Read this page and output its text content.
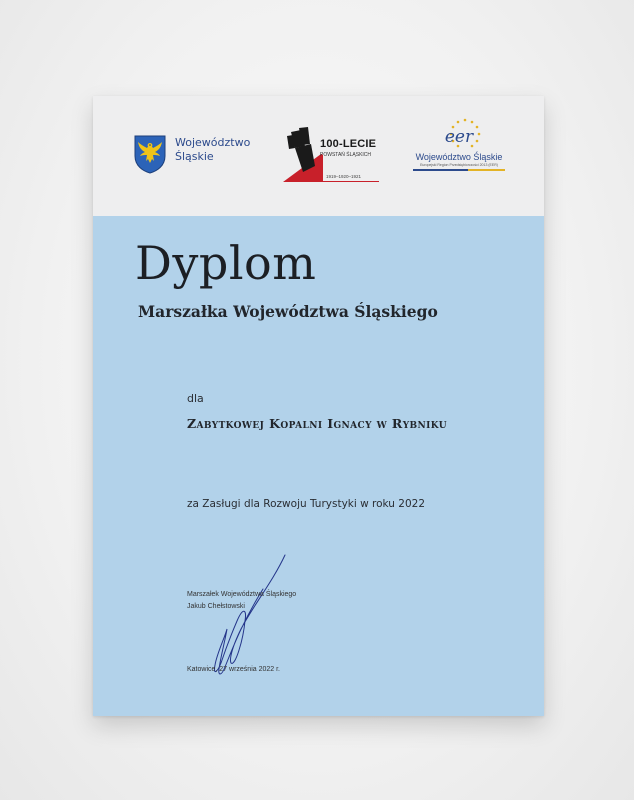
Województwo
Śląskie
100-LECIE
POWSTAŃ ŚLĄSKICH
1919–1920–1921
eer
Województwo Śląskie
Europejski Region Przedsiębiorczości 2013 (EER)
Dyplom
Marszałka Województwa Śląskiego
dla
Zabytkowej Kopalni Ignacy w Rybniku
za Zasługi dla Rozwoju Turystyki w roku 2022
Marszałek Województwa Śląskiego
Jakub Chełstowski
Katowice, 27 września 2022 r.
